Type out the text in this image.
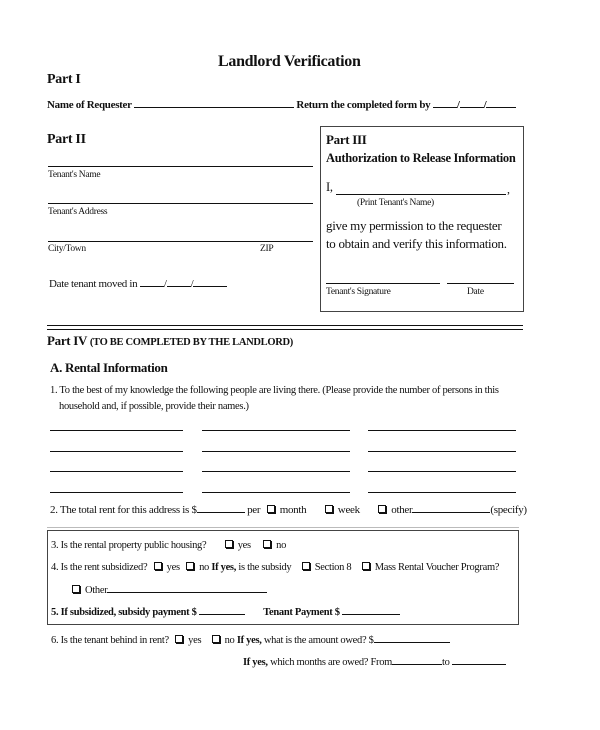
Landlord Verification
Part I
Name of Requester	Return the completed form by / /
Part II
Tenant's Name
Tenant's Address
City/Town	ZIP
Date tenant moved in / /
Part III
Authorization to Release Information
I,	,
(Print Tenant's Name)
give my permission to the requester
to obtain and verify this information.
Tenant's Signature	Date
Part IV (TO BE COMPLETED BY THE LANDLORD)
A. Rental Information
1. To the best of my knowledge the following people are living there. (Please provide the number of persons in this
household and, if possible, provide their names.)
2. The total rent for this address is $	per month	week	other	(specify)
3. Is the rental property public housing?	yes no
4. Is the rent subsidized? yes no If yes, is the subsidy Section 8 Mass Rental Voucher Program?
Other
5. If subsidized, subsidy payment $	Tenant Payment $
6. Is the tenant behind in rent? yes no If yes, what is the amount owed? $
If yes, which months are owed? From	to
